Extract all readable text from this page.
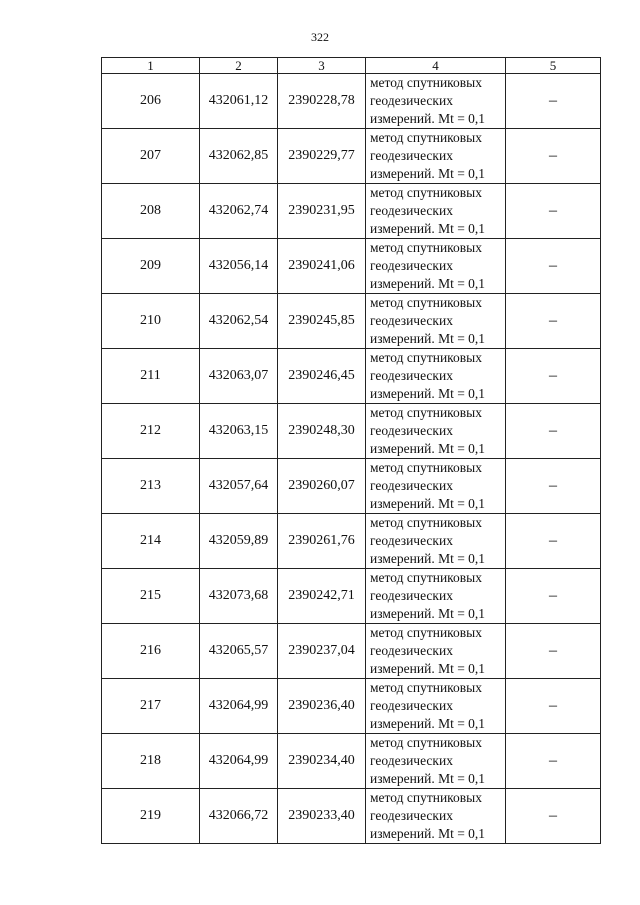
322
1	2	3	4	5
206	432061,12	2390228,78	метод спутниковых
геодезических
измерений. Mt = 0,1	–
207	432062,85	2390229,77	метод спутниковых
геодезических
измерений. Mt = 0,1	–
208	432062,74	2390231,95	метод спутниковых
геодезических
измерений. Mt = 0,1	–
209	432056,14	2390241,06	метод спутниковых
геодезических
измерений. Mt = 0,1	–
210	432062,54	2390245,85	метод спутниковых
геодезических
измерений. Mt = 0,1	–
211	432063,07	2390246,45	метод спутниковых
геодезических
измерений. Mt = 0,1	–
212	432063,15	2390248,30	метод спутниковых
геодезических
измерений. Mt = 0,1	–
213	432057,64	2390260,07	метод спутниковых
геодезических
измерений. Mt = 0,1	–
214	432059,89	2390261,76	метод спутниковых
геодезических
измерений. Mt = 0,1	–
215	432073,68	2390242,71	метод спутниковых
геодезических
измерений. Mt = 0,1	–
216	432065,57	2390237,04	метод спутниковых
геодезических
измерений. Mt = 0,1	–
217	432064,99	2390236,40	метод спутниковых
геодезических
измерений. Mt = 0,1	–
218	432064,99	2390234,40	метод спутниковых
геодезических
измерений. Mt = 0,1	–
219	432066,72	2390233,40	метод спутниковых
геодезических
измерений. Mt = 0,1	–
